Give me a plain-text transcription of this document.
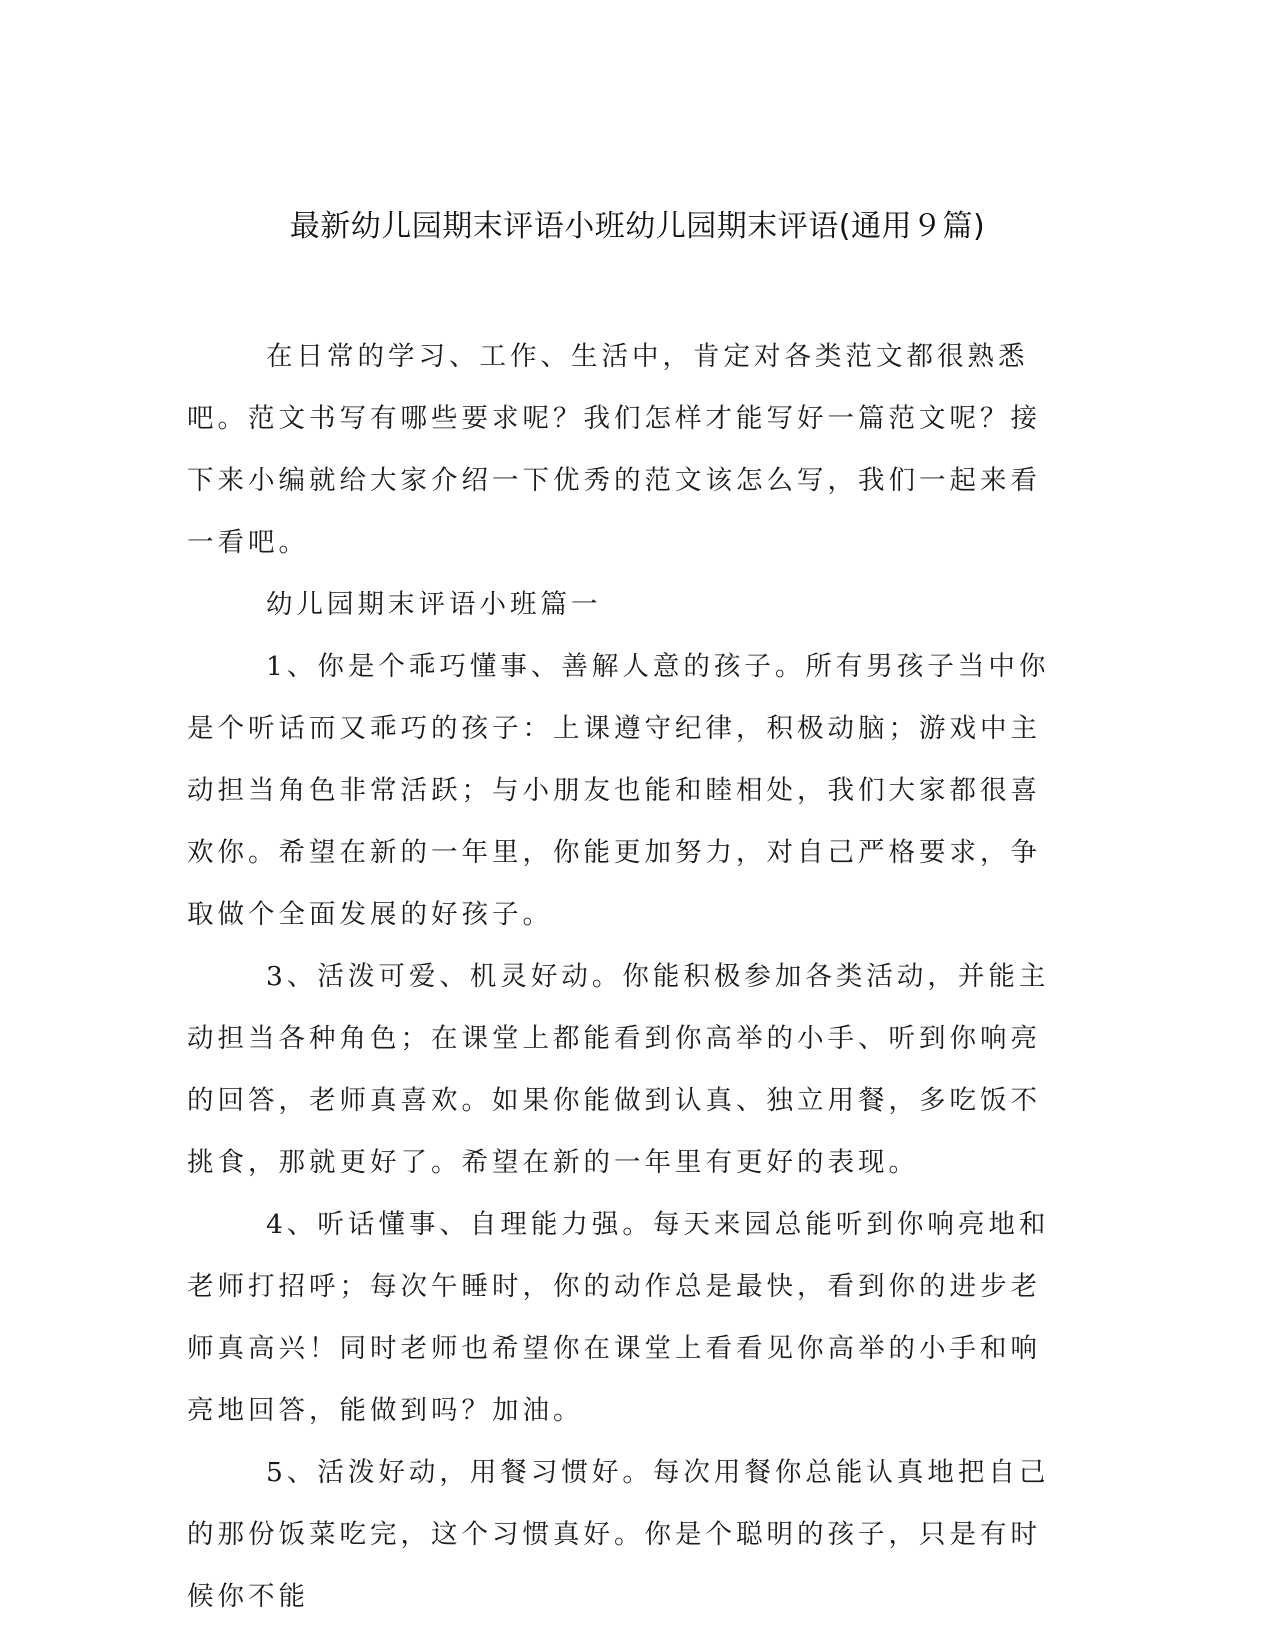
最新幼儿园期末评语小班幼儿园期末评语(通用９篇)

在日常的学习、工作、生活中，肯定对各类范文都很熟悉吧。范文书写有哪些要求呢？我们怎样才能写好一篇范文呢？接下来小编就给大家介绍一下优秀的范文该怎么写，我们一起来看一看吧。

幼儿园期末评语小班篇一

1、你是个乖巧懂事、善解人意的孩子。所有男孩子当中你是个听话而又乖巧的孩子：上课遵守纪律，积极动脑；游戏中主动担当角色非常活跃；与小朋友也能和睦相处，我们大家都很喜欢你。希望在新的一年里，你能更加努力，对自己严格要求，争取做个全面发展的好孩子。

3、活泼可爱、机灵好动。你能积极参加各类活动，并能主动担当各种角色；在课堂上都能看到你高举的小手、听到你响亮的回答，老师真喜欢。如果你能做到认真、独立用餐，多吃饭不挑食，那就更好了。希望在新的一年里有更好的表现。

4、听话懂事、自理能力强。每天来园总能听到你响亮地和老师打招呼；每次午睡时，你的动作总是最快，看到你的进步老师真高兴！同时老师也希望你在课堂上看看见你高举的小手和响亮地回答，能做到吗？加油。

5、活泼好动，用餐习惯好。每次用餐你总能认真地把自己的那份饭菜吃完，这个习惯真好。你是个聪明的孩子，只是有时候你不能
